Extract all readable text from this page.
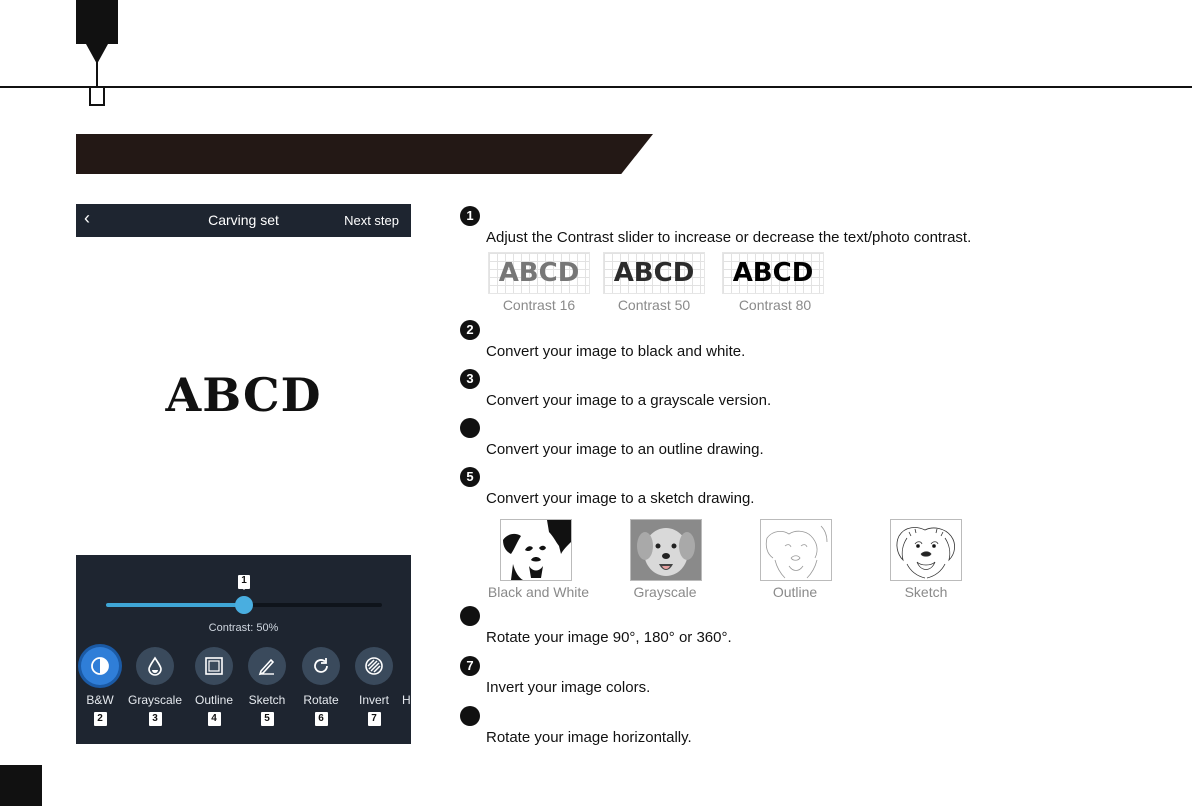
‹	Carving set	Next step
ABCD
1
Contrast: 50%
B&W
2
Grayscale
3
Outline
4
Sketch
5
Rotate
6
Invert
7
H
1
Adjust the Contrast slider to increase or decrease the text/photo contrast.
ABCD	ABCD	ABCD
Contrast 16	Contrast 50	Contrast 80
2
Convert your image to black and white.
3
Convert your image to a grayscale version.
Convert your image to an outline drawing.
5
Convert your image to a sketch drawing.
Black and White	Grayscale	Outline	Sketch
Rotate your image 90°, 180° or 360°.
7
Invert your image colors.
Rotate your image horizontally.
